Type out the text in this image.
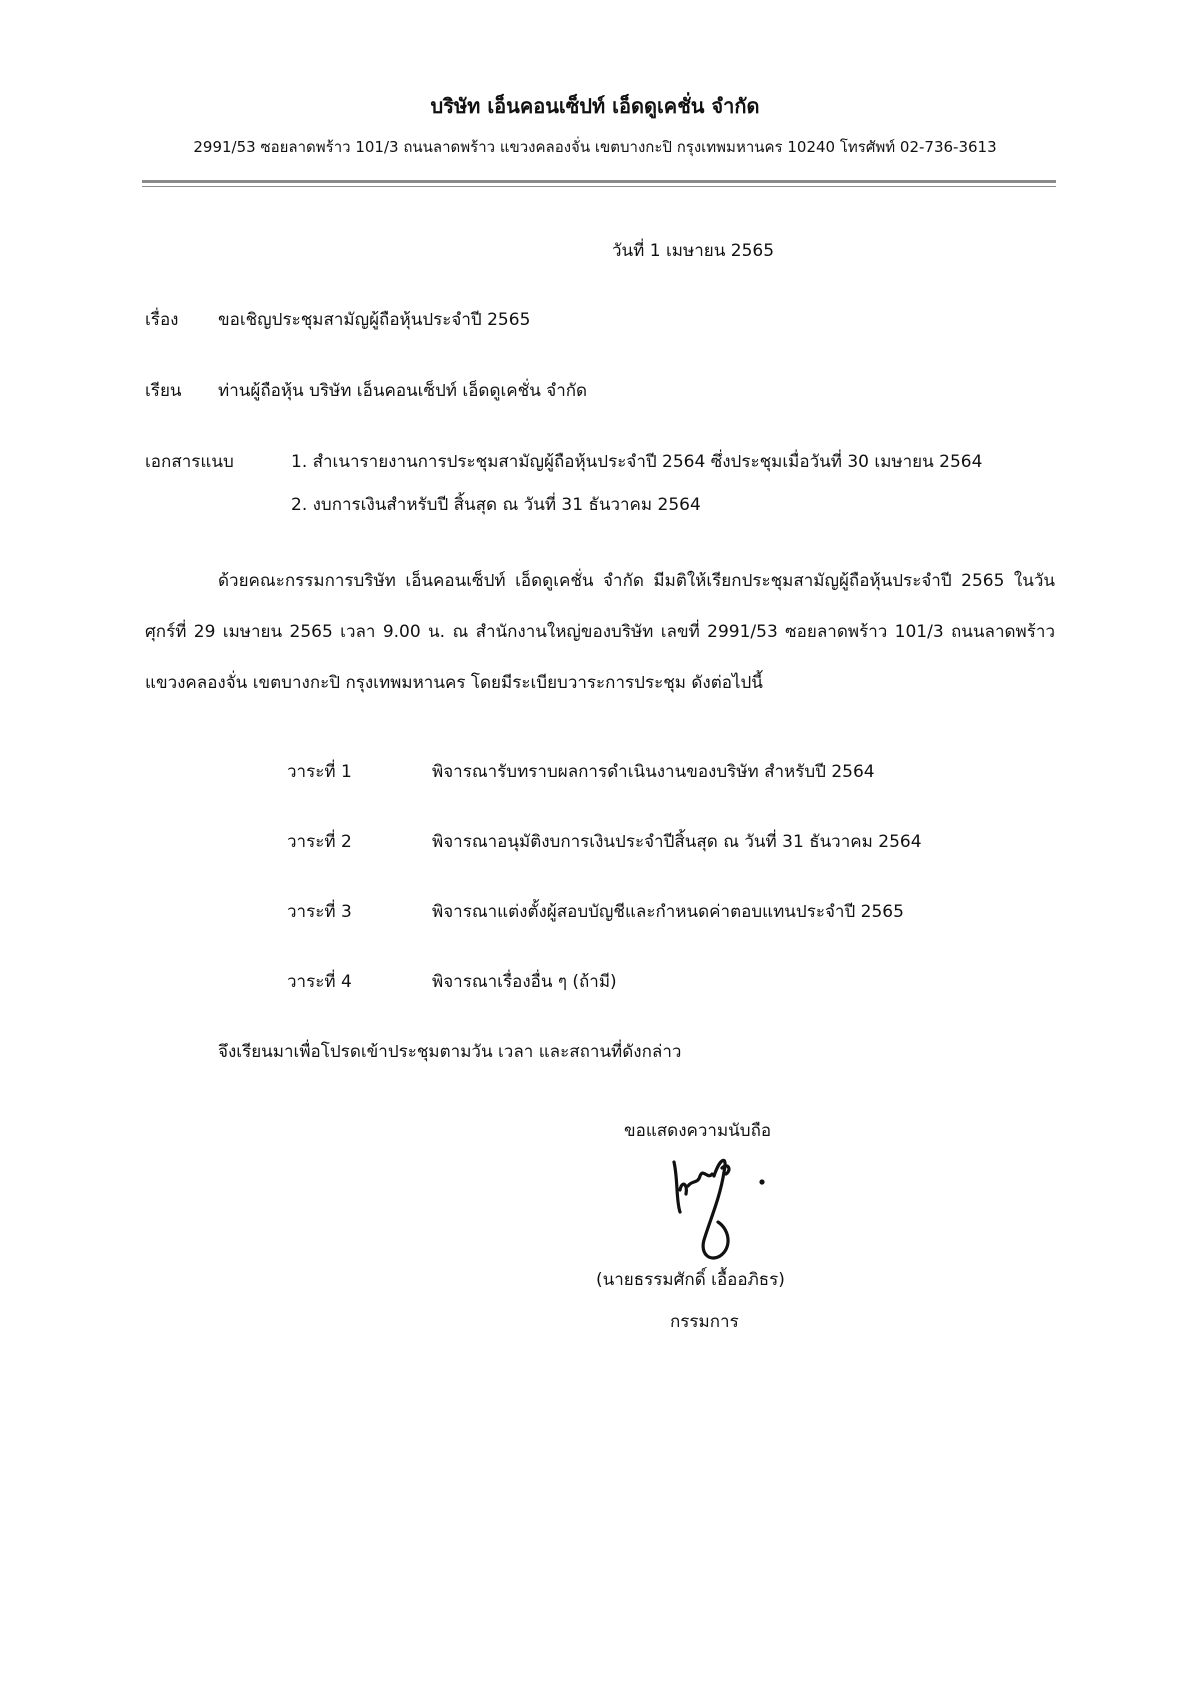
บริษัท เอ็นคอนเซ็ปท์ เอ็ดดูเคชั่น จำกัด
2991/53 ซอยลาดพร้าว 101/3 ถนนลาดพร้าว แขวงคลองจั่น เขตบางกะปิ กรุงเทพมหานคร 10240 โทรศัพท์ 02-736-3613
วันที่ 1 เมษายน 2565
เรื่อง ขอเชิญประชุมสามัญผู้ถือหุ้นประจำปี 2565
เรียน ท่านผู้ถือหุ้น บริษัท เอ็นคอนเซ็ปท์ เอ็ดดูเคชั่น จำกัด
เอกสารแนบ	1. สำเนารายงานการประชุมสามัญผู้ถือหุ้นประจำปี 2564 ซึ่งประชุมเมื่อวันที่ 30 เมษายน 2564
2. งบการเงินสำหรับปี สิ้นสุด ณ วันที่ 31 ธันวาคม 2564
ด้วยคณะกรรมการบริษัท เอ็นคอนเซ็ปท์ เอ็ดดูเคชั่น จำกัด มีมติให้เรียกประชุมสามัญผู้ถือหุ้นประจำปี 2565 ในวันศุกร์ที่ 29 เมษายน 2565 เวลา 9.00 น. ณ สำนักงานใหญ่ของบริษัท เลขที่ 2991/53 ซอยลาดพร้าว 101/3 ถนนลาดพร้าว แขวงคลองจั่น เขตบางกะปิ กรุงเทพมหานคร โดยมีระเบียบวาระการประชุม ดังต่อไปนี้
วาระที่ 1	พิจารณารับทราบผลการดำเนินงานของบริษัท สำหรับปี 2564
วาระที่ 2	พิจารณาอนุมัติงบการเงินประจำปีสิ้นสุด ณ วันที่ 31 ธันวาคม 2564
วาระที่ 3	พิจารณาแต่งตั้งผู้สอบบัญชีและกำหนดค่าตอบแทนประจำปี 2565
วาระที่ 4	พิจารณาเรื่องอื่น ๆ (ถ้ามี)
จึงเรียนมาเพื่อโปรดเข้าประชุมตามวัน เวลา และสถานที่ดังกล่าว
ขอแสดงความนับถือ
(นายธรรมศักดิ์ เอื้ออภิธร)
กรรมการ
